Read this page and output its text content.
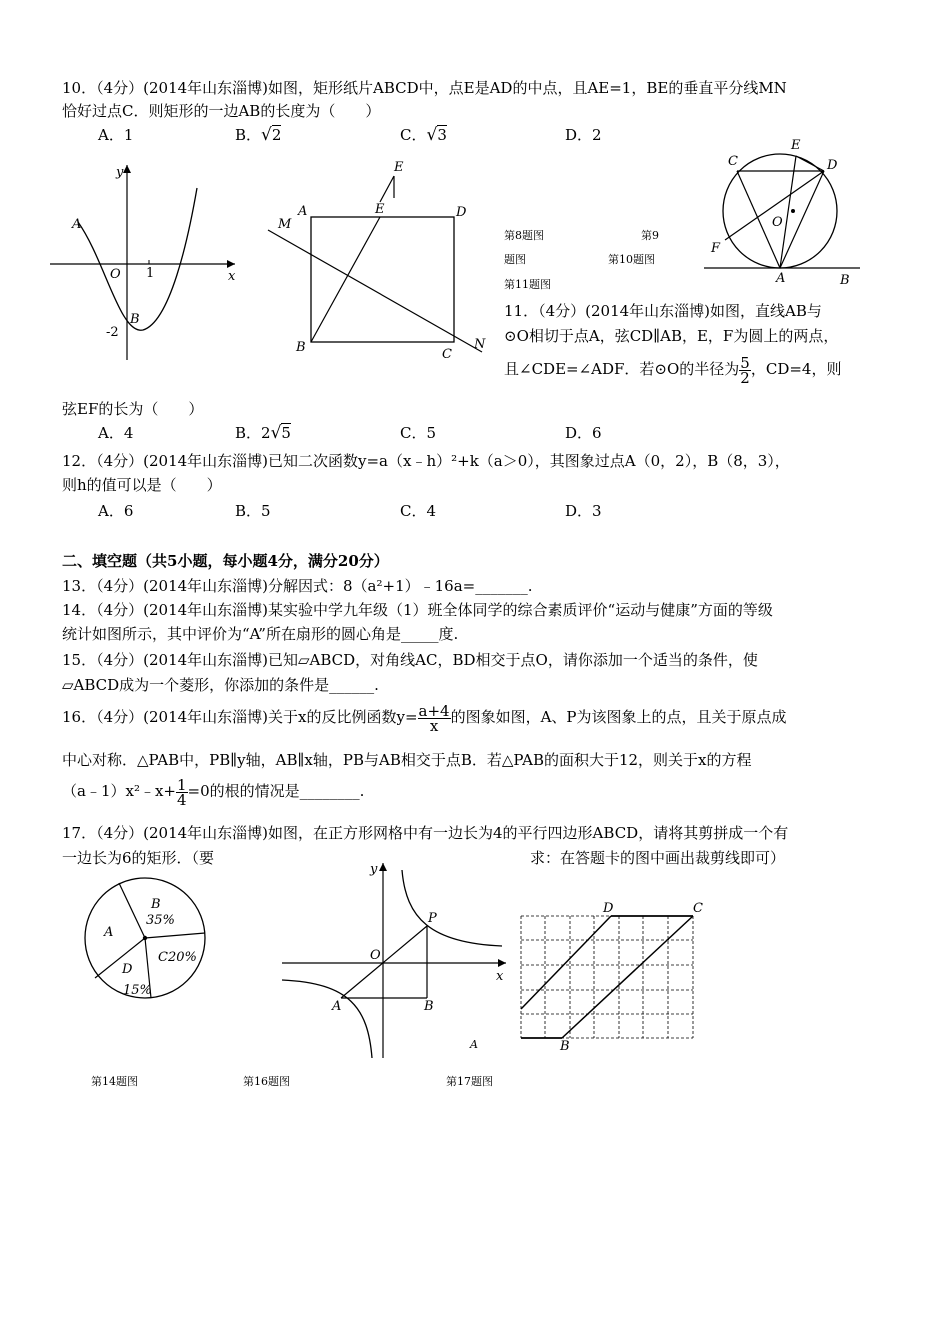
10．（4分）(2014年山东淄博)如图，矩形纸片ABCD中，点E是AD的中点，且AE=1，BE的垂直平分线MN
恰好过点C．则矩形的一边AB的长度为（　　）
A．1	B．√2	C．√3	D．2
y
x
A
O 1
B
-2
E
E
A	D
M
B	C
N
第8题图	第9
题图	第10题图
第11题图
C
E
D
O
F
A	B
11．（4分）(2014年山东淄博)如图，直线AB与
⊙O相切于点A，弦CD∥AB，E，F为圆上的两点，
且∠CDE=∠ADF．若⊙O的半径为 $\frac{5}{2}$ ，CD=4，则
弦EF的长为（　　）
A．4	B．2√5	C．5	D．6
12．（4分）(2014年山东淄博)已知二次函数y=a（x﹣h）²+k（a＞0），其图象过点A（0，2），B（8，3），
则h的值可以是（　　）
A．6	B．5	C．4	D．3
二、填空题（共5小题，每小题4分，满分20分）
13．（4分）(2014年山东淄博)分解因式：8（a²+1）﹣16a=_______.
14．（4分）(2014年山东淄博)某实验中学九年级（1）班全体同学的综合素质评价“运动与健康”方面的等级
统计如图所示，其中评价为“A”所在扇形的圆心角是_____度.
15．（4分）(2014年山东淄博)已知▱ABCD，对角线AC，BD相交于点O，请你添加一个适当的条件，使
▱ABCD成为一个菱形，你添加的条件是______.
16．（4分）(2014年山东淄博)关于x的反比例函数$y= \frac{a+4}{x}$ 的图象如图，A、P为该图象上的点，且关于原点成
中心对称．△PAB中，PB∥y轴，AB∥x轴，PB与AB相交于点B．若△PAB的面积大于12，则关于x的方程
（a﹣1）x²﹣x+ $\frac{1}{4} =0$的根的情况是________.
17．（4分）(2014年山东淄博)如图，在正方形网格中有一边长为4的平行四边形ABCD，请将其剪拼成一个有
一边长为6的矩形．（要	求：在答题卡的图中画出裁剪线即可）
B
35%
A
C20%
D
15%
y
P
O
x
A	B
D	C
B
A
第14题图	第16题图	第17题图
